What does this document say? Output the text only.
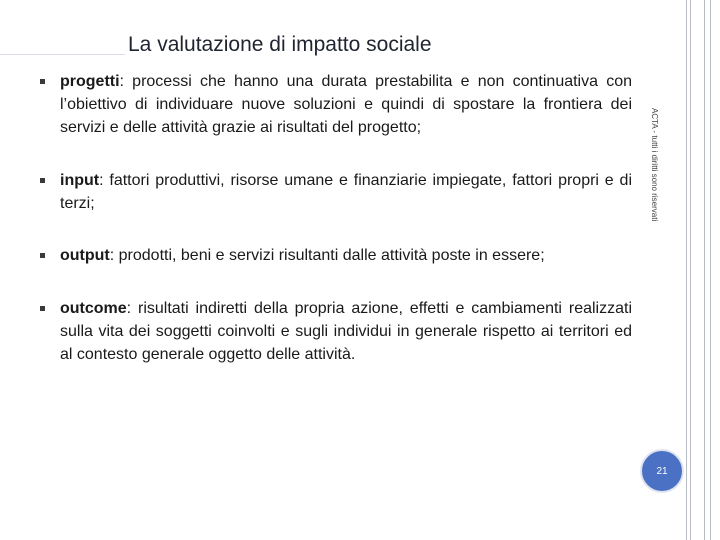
La valutazione di impatto sociale
progetti: processi che hanno una durata prestabilita e non continuativa con l’obiettivo di individuare nuove soluzioni e quindi di spostare la frontiera dei servizi e delle attività grazie ai risultati del progetto;
input: fattori produttivi, risorse umane e finanziarie impiegate, fattori propri e di terzi;
output: prodotti, beni e servizi risultanti dalle attività poste in essere;
outcome: risultati indiretti della propria azione, effetti e cambiamenti realizzati sulla vita dei soggetti coinvolti e sugli individui in generale rispetto ai territori ed al contesto generale oggetto delle attività.
ACTA - tutti i diritti sono riservati
21
